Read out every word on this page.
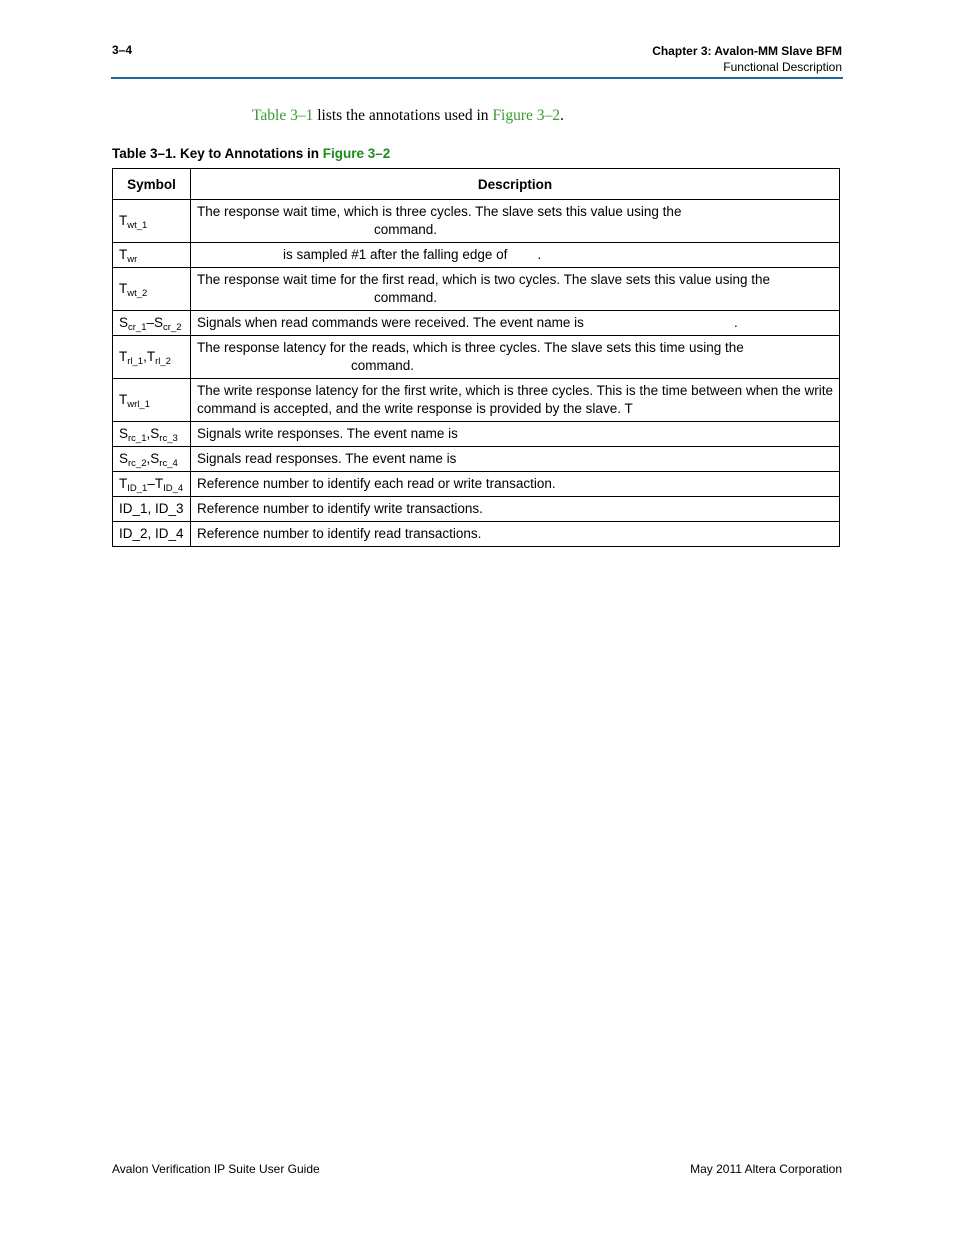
3–4	Chapter 3: Avalon-MM Slave BFM
Functional Description
Table 3–1 lists the annotations used in Figure 3–2.
Table 3–1. Key to Annotations in Figure 3–2
Symbol	Description
$T_{wt\_1}$	The response wait time, which is three cycles. The slave sets this value using the
command.

$T_{wr}$	is sampled #1 after the falling edge of        .
$T_{wt\_2}$	The response wait time for the first read, which is two cycles. The slave sets this value using the
command.

$S_{cr\_1}-S_{cr\_2}$	Signals when read commands were received. The event name is                                        .
$T_{rl\_1},T_{rl\_2}$	The response latency for the reads, which is three cycles. The slave sets this time using the
command.

$T_{wrl\_1}$	The write response latency for the first write, which is three cycles. This is the time between when the write
command is accepted, and the write response is provided by the slave. T

$S_{rc\_1},S_{rc\_3}$	Signals write responses. The event name is
$S_{rc\_2},S_{rc\_4}$	Signals read responses. The event name is
$T_{ID\_1}-T_{ID\_4}$	Reference number to identify each read or write transaction.
ID_1, ID_3	Reference number to identify write transactions.
ID_2, ID_4	Reference number to identify read transactions.
Avalon Verification IP Suite User Guide	May 2011 Altera Corporation
